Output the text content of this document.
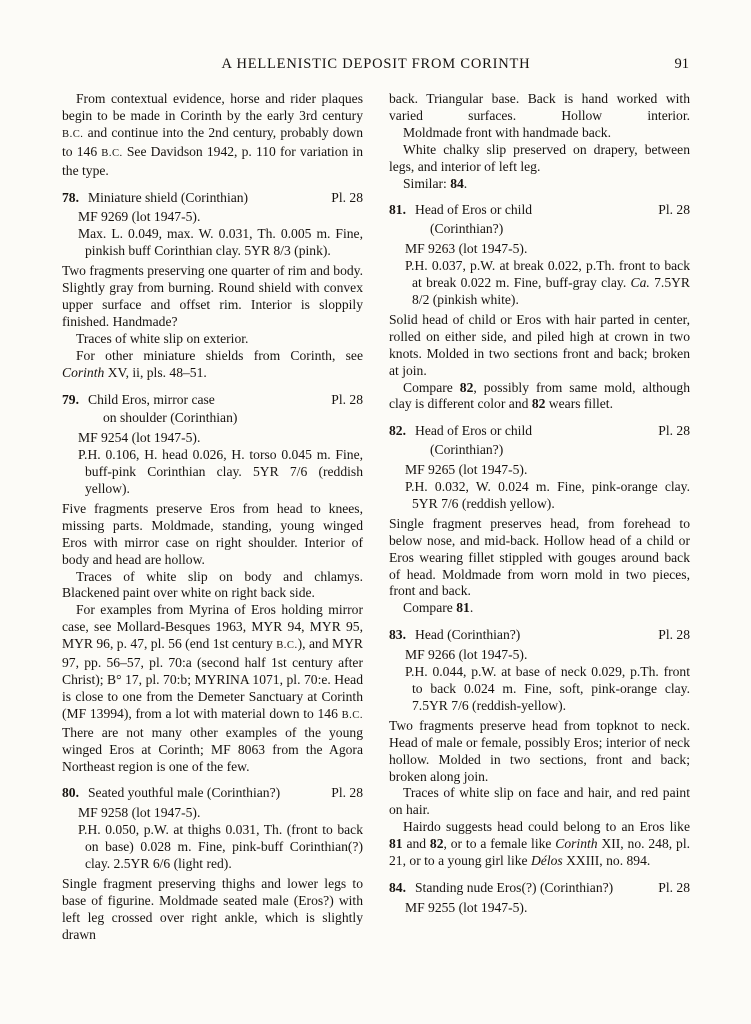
A HELLENISTIC DEPOSIT FROM CORINTH	91

From contextual evidence, horse and rider plaques begin to be made in Corinth by the early 3rd century B.C. and continue into the 2nd century, probably down to 146 B.C. See Davidson 1942, p. 110 for variation in the type.

78. Miniature shield (Corinthian)	Pl. 28

MF 9269 (lot 1947-5).

Max. L. 0.049, max. W. 0.031, Th. 0.005 m. Fine, pinkish buff Corinthian clay. 5YR 8/3 (pink).

Two fragments preserving one quarter of rim and body. Slightly gray from burning. Round shield with convex upper surface and offset rim. Interior is sloppily finished. Handmade?

Traces of white slip on exterior.

For other miniature shields from Corinth, see Corinth XV, ii, pls. 48–51.

79. Child Eros, mirror case	Pl. 28
on shoulder (Corinthian)

MF 9254 (lot 1947-5).

P.H. 0.106, H. head 0.026, H. torso 0.045 m. Fine, buff-pink Corinthian clay. 5YR 7/6 (reddish yellow).

Five fragments preserve Eros from head to knees, missing parts. Moldmade, standing, young winged Eros with mirror case on right shoulder. Interior of body and head are hollow.

Traces of white slip on body and chlamys. Blackened paint over white on right back side.

For examples from Myrina of Eros holding mirror case, see Mollard-Besques 1963, MYR 94, MYR 95, MYR 96, p. 47, pl. 56 (end 1st century B.C.), and MYR 97, pp. 56–57, pl. 70:a (second half 1st century after Christ); B° 17, pl. 70:b; MYRINA 1071, pl. 70:e. Head is close to one from the Demeter Sanctuary at Corinth (MF 13994), from a lot with material down to 146 B.C. There are not many other examples of the young winged Eros at Corinth; MF 8063 from the Agora Northeast region is one of the few.

80. Seated youthful male (Corinthian?)	Pl. 28

MF 9258 (lot 1947-5).

P.H. 0.050, p.W. at thighs 0.031, Th. (front to back on base) 0.028 m. Fine, pink-buff Corinthian(?) clay. 2.5YR 6/6 (light red).

Single fragment preserving thighs and lower legs to base of figurine. Moldmade seated male (Eros?) with left leg crossed over right ankle, which is slightly drawn

back. Triangular base. Back is hand worked with varied surfaces. Hollow interior.

Moldmade front with handmade back.

White chalky slip preserved on drapery, between legs, and interior of left leg.

Similar: 84.

81. Head of Eros or child	Pl. 28
(Corinthian?)

MF 9263 (lot 1947-5).

P.H. 0.037, p.W. at break 0.022, p.Th. front to back at break 0.022 m. Fine, buff-gray clay. Ca. 7.5YR 8/2 (pinkish white).

Solid head of child or Eros with hair parted in center, rolled on either side, and piled high at crown in two knots. Molded in two sections front and back; broken at join.

Compare 82, possibly from same mold, although clay is different color and 82 wears fillet.

82. Head of Eros or child	Pl. 28
(Corinthian?)

MF 9265 (lot 1947-5).

P.H. 0.032, W. 0.024 m. Fine, pink-orange clay. 5YR 7/6 (reddish yellow).

Single fragment preserves head, from forehead to below nose, and mid-back. Hollow head of a child or Eros wearing fillet stippled with gouges around back of head. Moldmade from worn mold in two pieces, front and back.

Compare 81.

83. Head (Corinthian?)	Pl. 28

MF 9266 (lot 1947-5).

P.H. 0.044, p.W. at base of neck 0.029, p.Th. front to back 0.024 m. Fine, soft, pink-orange clay. 7.5YR 7/6 (reddish-yellow).

Two fragments preserve head from topknot to neck. Head of male or female, possibly Eros; interior of neck hollow. Molded in two sections, front and back; broken along join.

Traces of white slip on face and hair, and red paint on hair.

Hairdo suggests head could belong to an Eros like 81 and 82, or to a female like Corinth XII, no. 248, pl. 21, or to a young girl like Délos XXIII, no. 894.

84. Standing nude Eros(?) (Corinthian?)	Pl. 28

MF 9255 (lot 1947-5).
